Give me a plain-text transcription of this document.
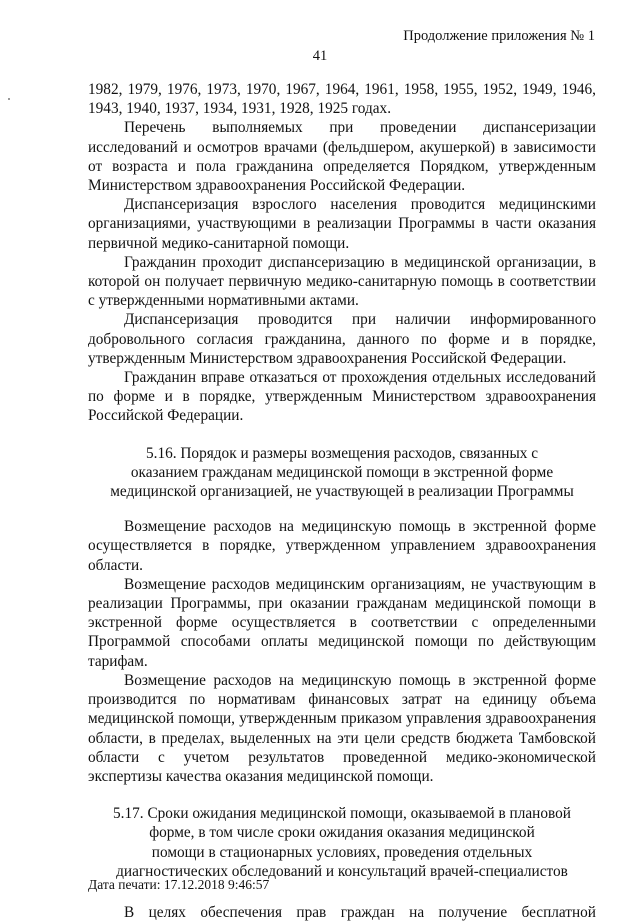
Продолжение приложения № 1
41

1982, 1979, 1976, 1973, 1970, 1967, 1964, 1961, 1958, 1955, 1952, 1949, 1946, 1943, 1940, 1937, 1934, 1931, 1928, 1925 годах.

Перечень выполняемых при проведении диспансеризации исследований и осмотров врачами (фельдшером, акушеркой) в зависимости от возраста и пола гражданина определяется Порядком, утвержденным Министерством здравоохранения Российской Федерации.

Диспансеризация взрослого населения проводится медицинскими организациями, участвующими в реализации Программы в части оказания первичной медико-санитарной помощи.

Гражданин проходит диспансеризацию в медицинской организации, в которой он получает первичную медико-санитарную помощь в соответствии с утвержденными нормативными актами.

Диспансеризация проводится при наличии информированного добровольного согласия гражданина, данного по форме и в порядке, утвержденным Министерством здравоохранения Российской Федерации.

Гражданин вправе отказаться от прохождения отдельных исследований по форме и в порядке, утвержденным Министерством здравоохранения Российской Федерации.

5.16. Порядок и размеры возмещения расходов, связанных с
оказанием гражданам медицинской помощи в экстренной форме
медицинской организацией, не участвующей в реализации Программы

Возмещение расходов на медицинскую помощь в экстренной форме осуществляется в порядке, утвержденном управлением здравоохранения области.

Возмещение расходов медицинским организациям, не участвующим в реализации Программы, при оказании гражданам медицинской помощи в экстренной форме осуществляется в соответствии с определенными Программой способами оплаты медицинской помощи по действующим тарифам.

Возмещение расходов на медицинскую помощь в экстренной форме производится по нормативам финансовых затрат на единицу объема медицинской помощи, утвержденным приказом управления здравоохранения области, в пределах, выделенных на эти цели средств бюджета Тамбовской области с учетом результатов проведенной медико-экономической экспертизы качества оказания медицинской помощи.

5.17. Сроки ожидания медицинской помощи, оказываемой в плановой
форме, в том числе сроки ожидания оказания медицинской
помощи в стационарных условиях, проведения отдельных
диагностических обследований и консультаций врачей-специалистов

В целях обеспечения прав граждан на получение бесплатной

Дата печати: 17.12.2018 9:46:57
